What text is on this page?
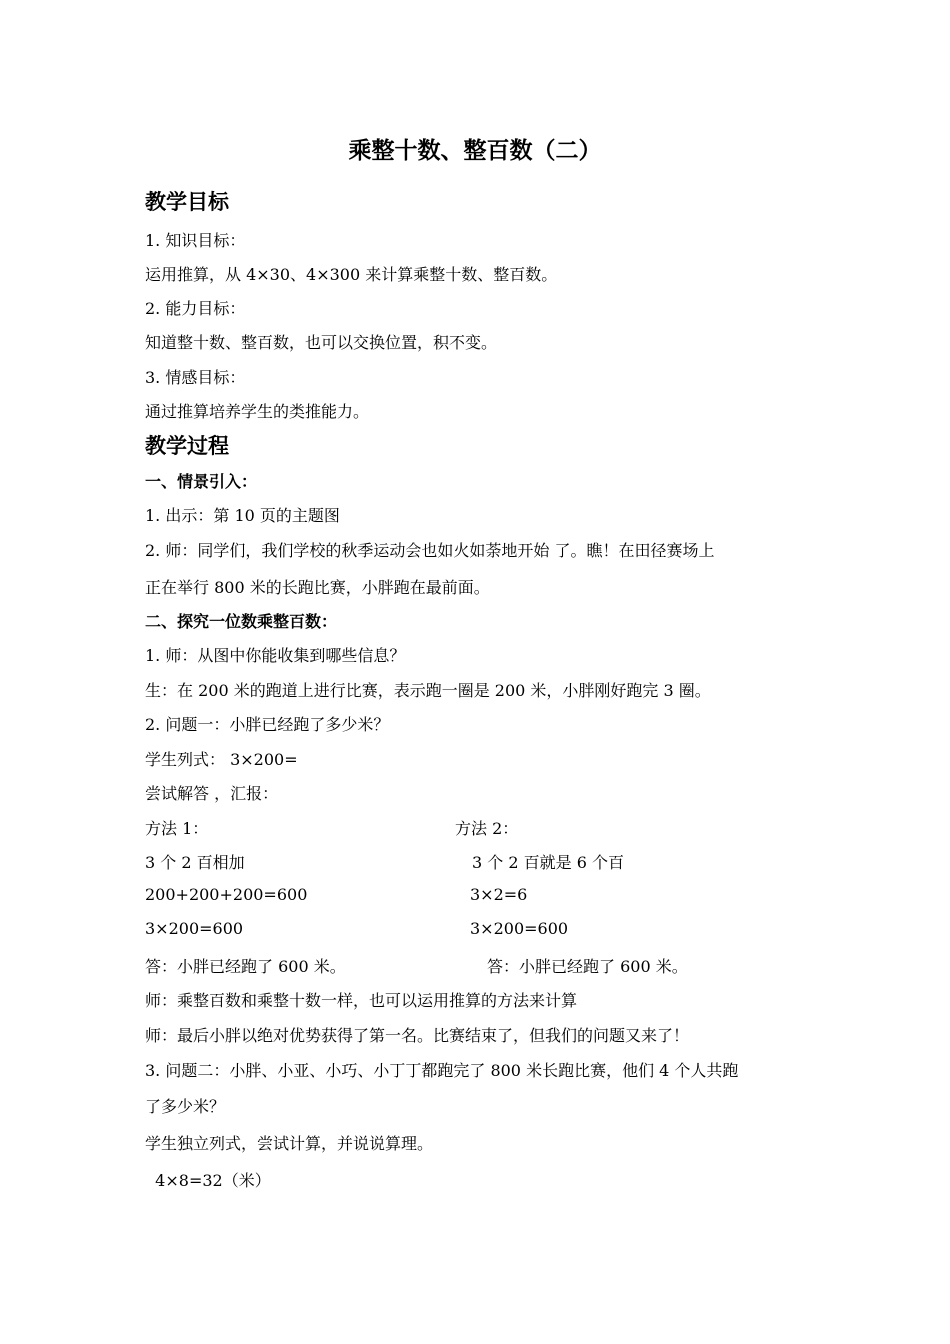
乘整十数、整百数（二）
教学目标
1. 知识目标：
运用推算，从 4×30、4×300 来计算乘整十数、整百数。
2. 能力目标：
知道整十数、整百数，也可以交换位置，积不变。
3. 情感目标：
通过推算培养学生的类推能力。
教学过程
一、情景引入：
1. 出示：第 10 页的主题图
2. 师：同学们，我们学校的秋季运动会也如火如荼地开始 了。瞧！在田径赛场上
正在举行 800 米的长跑比赛，小胖跑在最前面。
二、探究一位数乘整百数：
1. 师：从图中你能收集到哪些信息？
生：在 200 米的跑道上进行比赛，表示跑一圈是 200 米，小胖刚好跑完 3 圈。
2. 问题一：小胖已经跑了多少米？
学生列式： 3×200=
尝试解答 ，汇报：
方法 1：	方法 2：
3 个 2 百相加	3 个 2 百就是 6 个百
200+200+200=600	3×2=6
3×200=600	3×200=600
答：小胖已经跑了 600 米。	答：小胖已经跑了 600 米。
师：乘整百数和乘整十数一样，也可以运用推算的方法来计算
师：最后小胖以绝对优势获得了第一名。比赛结束了，但我们的问题又来了！
3. 问题二：小胖、小亚、小巧、小丁丁都跑完了 800 米长跑比赛，他们 4 个人共跑
了多少米？
学生独立列式，尝试计算，并说说算理。
4×8=32（米）
